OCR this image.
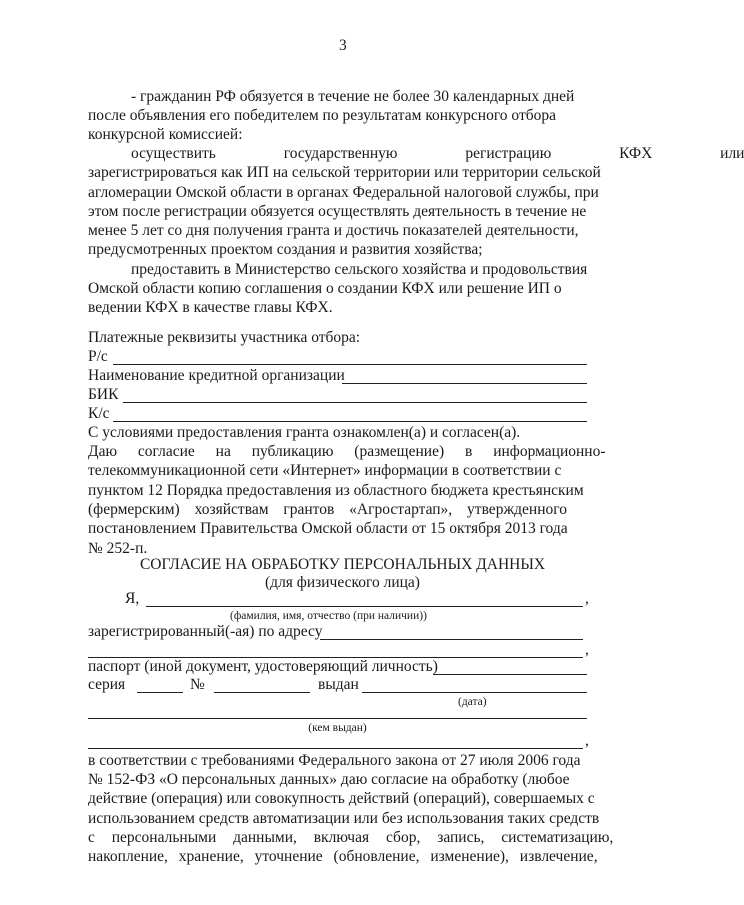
3
- гражданин РФ обязуется в течение не более 30 календарных дней
после объявления его победителем по результатам конкурсного отбора
конкурсной комиссией:
осуществить государственную регистрацию КФХ или
зарегистрироваться как ИП на сельской территории или территории сельской
агломерации Омской области в органах Федеральной налоговой службы, при
этом после регистрации обязуется осуществлять деятельность в течение не
менее 5 лет со дня получения гранта и достичь показателей деятельности,
предусмотренных проектом создания и развития хозяйства;
предоставить в Министерство сельского хозяйства и продовольствия
Омской области копию соглашения о создании КФХ или решение ИП о
ведении КФХ в качестве главы КФХ.
Платежные реквизиты участника отбора:
Р/с
Наименование кредитной организации
БИК
К/с
С условиями предоставления гранта ознакомлен(а) и согласен(а).
Даю согласие на публикацию (размещение) в информационно-
телекоммуникационной сети «Интернет» информации в соответствии с
пунктом 12 Порядка предоставления из областного бюджета крестьянским
(фермерским) хозяйствам грантов «Агростартап», утвержденного
постановлением Правительства Омской области от 15 октября 2013 года
№ 252-п.
СОГЛАСИЕ НА ОБРАБОТКУ ПЕРСОНАЛЬНЫХ ДАННЫХ
(для физического лица)
Я,	,
(фамилия, имя, отчество (при наличии))
зарегистрированный(-ая) по адресу
,
паспорт (иной документ, удостоверяющий личность)
серия	№	выдан
(дата)
(кем выдан)
,
в соответствии с требованиями Федерального закона от 27 июля 2006 года
№ 152-ФЗ «О персональных данных» даю согласие на обработку (любое
действие (операция) или совокупность действий (операций), совершаемых с
использованием средств автоматизации или без использования таких средств
с персональными данными, включая сбор, запись, систематизацию,
накопление, хранение, уточнение (обновление, изменение), извлечение,
